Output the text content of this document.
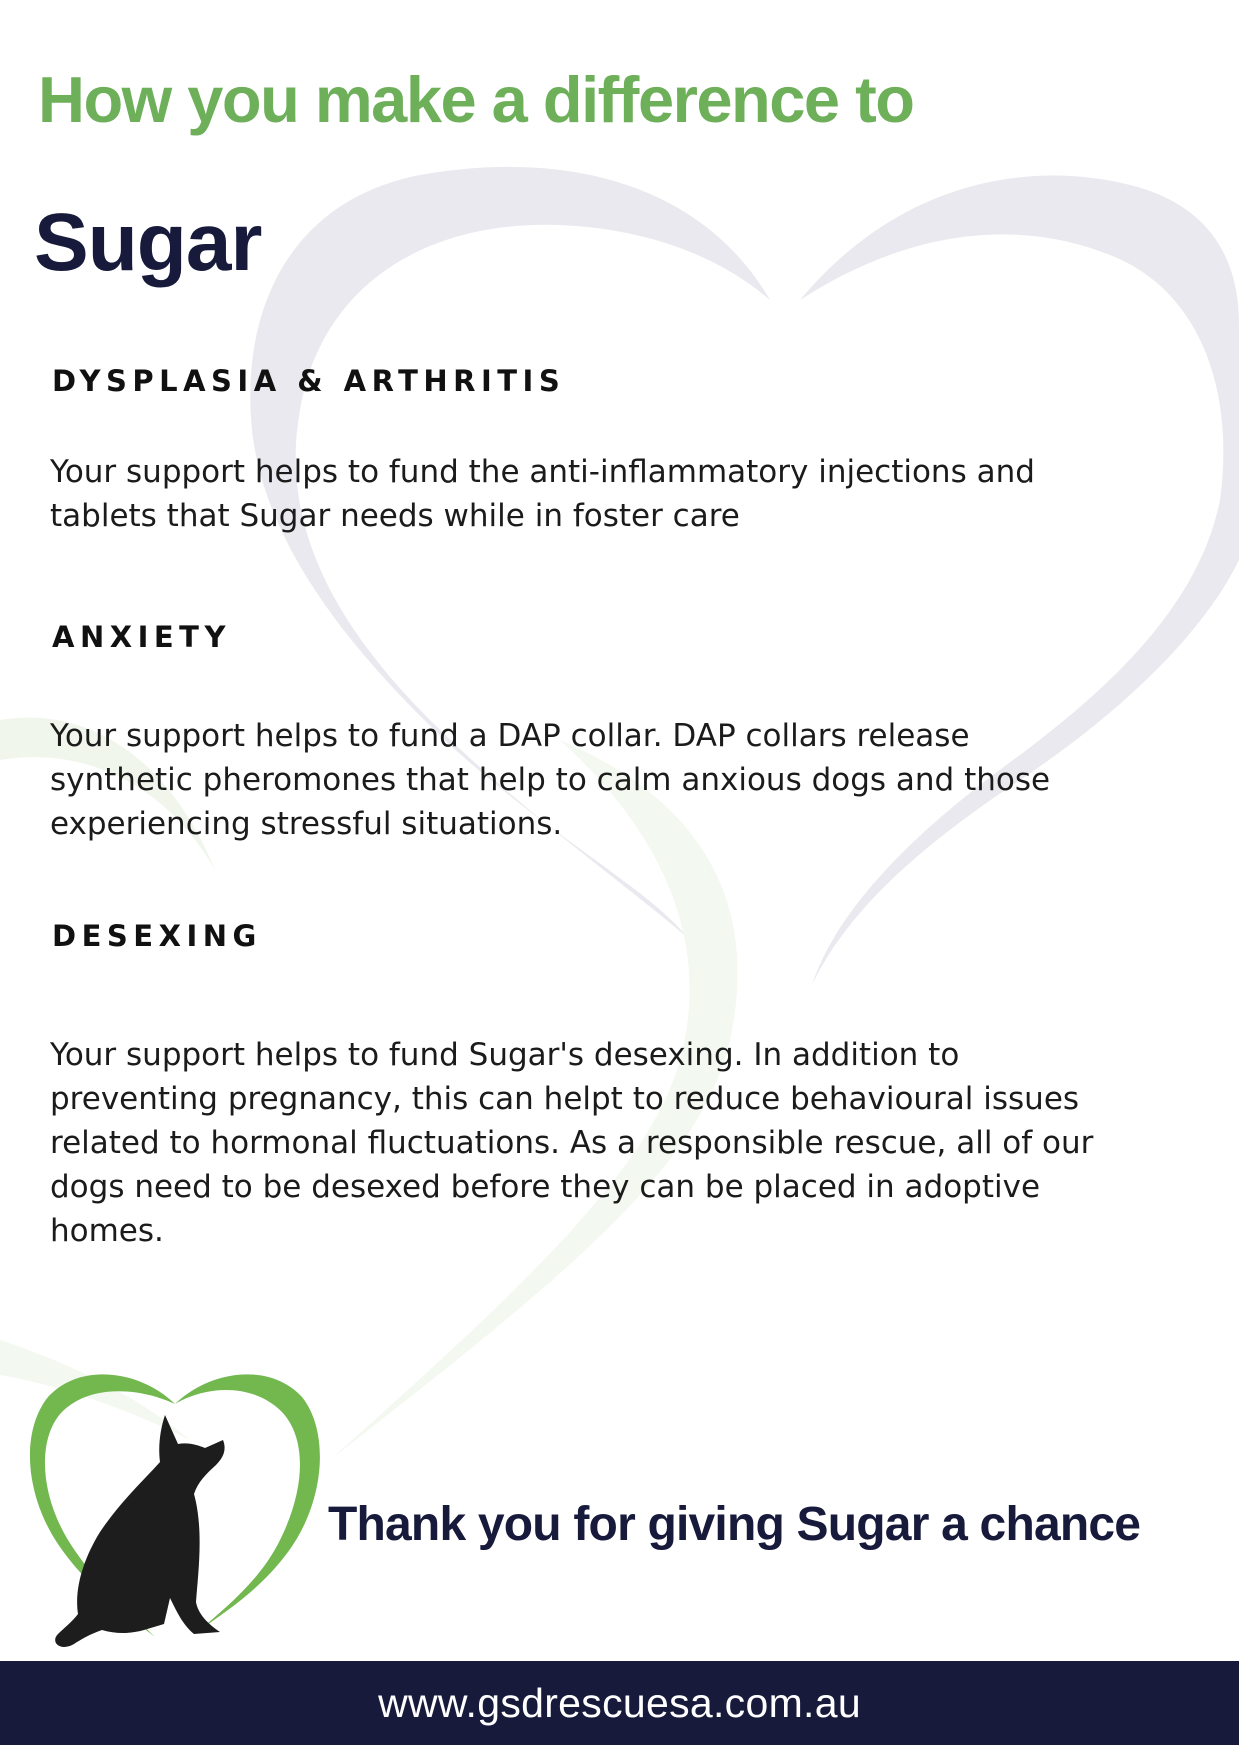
How you make a difference to
Sugar
DYSPLASIA & ARTHRITIS

Your support helps to fund the anti-inflammatory injections and
tablets that Sugar needs while in foster care

ANXIETY

Your support helps to fund a DAP collar. DAP collars release
synthetic pheromones that help to calm anxious dogs and those
experiencing stressful situations.

DESEXING

Your support helps to fund Sugar's desexing. In addition to
preventing pregnancy, this can helpt to reduce behavioural issues
related to hormonal fluctuations. As a responsible rescue, all of our
dogs need to be desexed before they can be placed in adoptive
homes.

Thank you for giving Sugar a chance
www.gsdrescuesa.com.au
